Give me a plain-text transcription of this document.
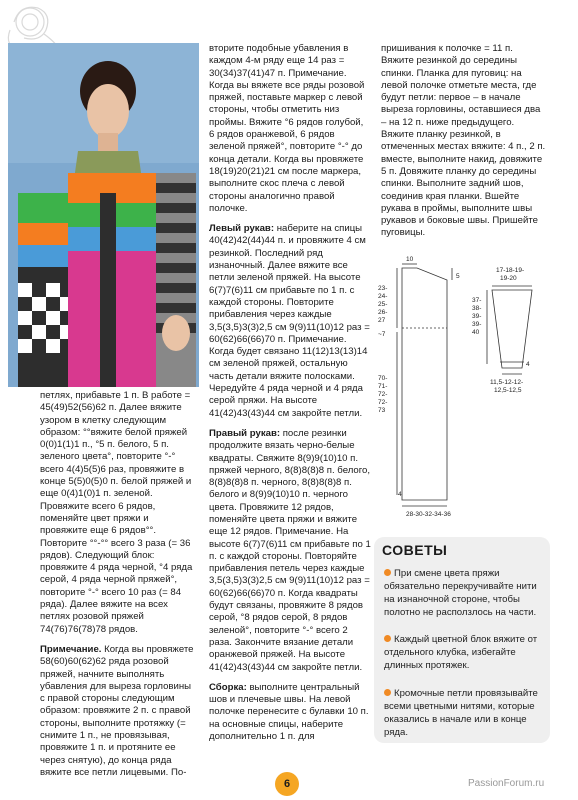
петлях, прибавьте 1 п. В работе = 45(49)52(56)62 п. Далее вяжите узором в клетку следующим образом: °°вяжите белой пряжей 0(0)1(1)1 п., °5 п. белого, 5 п. зеленого цвета°, повторите °-° всего 4(4)5(5)6 раз, провяжите в конце 5(5)0(5)0 п. белой пряжей и еще 0(4)1(0)1 п. зеленой. Провяжите всего 6 рядов, поменяйте цвет пряжи и провяжите еще 6 рядов°°. Повторите °°-°° всего 3 раза (= 36 рядов). Следующий блок: провяжите 4 ряда черной, °4 ряда серой, 4 ряда черной пряжей°, повторите °-° всего 10 раз (= 84 ряда). Далее вяжите на всех петлях розовой пряжей 74(76)76(78)78 рядов.

Примечание. Когда вы провяжете 58(60)60(62)62 ряда розовой пряжей, начните выполнять убавления для выреза горловины с правой стороны следующим образом: провяжите 2 п. с правой стороны, выполните протяжку (= снимите 1 п., не провязывая, провяжите 1 п. и протяните ее через снятую), до конца ряда вяжите все петли лицевыми. По-

вторите подобные убавления в каждом 4-м ряду еще 14 раз = 30(34)37(41)47 п. Примечание. Когда вы вяжете все ряды розовой пряжей, поставьте маркер с левой стороны, чтобы отметить низ проймы. Вяжите °6 рядов голубой, 6 рядов оранжевой, 6 рядов зеленой пряжей°, повторите °-° до конца детали. Когда вы провяжете 18(19)20(21)21 см после маркера, выполните скос плеча с левой стороны аналогично правой полочке.

Левый рукав: наберите на спицы 40(42)42(44)44 п. и провяжите 4 см резинкой. Последний ряд изнаночный. Далее вяжите все петли зеленой пряжей. На высоте 6(7)7(6)11 см прибавьте по 1 п. с каждой стороны. Повторите прибавления через каждые 3,5(3,5)3(3)2,5 см 9(9)11(10)12 раз = 60(62)66(66)70 п. Примечание. Когда будет связано 11(12)13(13)14 см зеленой пряжей, остальную часть детали вяжите полосками. Чередуйте 4 ряда черной и 4 ряда серой пряжи. На высоте 41(42)43(43)44 см закройте петли.

Правый рукав: после резинки продолжите вязать черно-белые квадраты. Свяжите 8(9)9(10)10 п. пряжей черного, 8(8)8(8)8 п. белого, 8(8)8(8)8 п. черного, 8(8)8(8)8 п. белого и 8(9)9(10)10 п. черного цвета. Провяжите 12 рядов, поменяйте цвета пряжи и вяжите еще 12 рядов. Примечание. На высоте 6(7)7(6)11 см прибавьте по 1 п. с каждой стороны. Повторяйте прибавления петель через каждые 3,5(3,5)3(3)2,5 см 9(9)11(10)12 раз = 60(62)66(66)70 п. Когда квадраты будут связаны, провяжите 8 рядов серой, °8 рядов серой, 8 рядов зеленой°, повторите °-° всего 2 раза. Закончите вязание детали оранжевой пряжей. На высоте 41(42)43(43)44 см закройте петли.

Сборка: выполните центральный шов и плечевые швы. На левой полочке перенесите с булавки 10 п. на основные спицы, наберите дополнительно 1 п. для

пришивания к полочке = 11 п. Вяжите резинкой до середины спинки. Планка для пуговиц: на левой полочке отметьте места, где будут петли: первое – в начале выреза горловины, оставшиеся два – на 12 п. ниже предыдущего. Вяжите планку резинкой, в отмеченных местах вяжите: 4 п., 2 п. вместе, выполните накид, довяжите 5 п. Довяжите планку до середины спинки. Выполните задний шов, соединив края планки. Вшейте рукава в проймы, выполните швы рукавов и боковые швы. Пришейте пуговицы.

10
5
23-24-25-26-27
~7
70-71-72-72-73
4
28-30-32-34-36
17-18-19-19-20
37-38-39-39-40
4
11,5-12-12-12,5-12,5
СОВЕТЫ
При смене цвета пряжи обязательно перекручивайте нити на изнаночной стороне, чтобы полотно не расползлось на части.
Каждый цветной блок вяжите от отдельного клубка, избегайте длинных протяжек.
Кромочные петли провязывайте всеми цветными нитями, которые оказались в начале или в конце ряда.
6	PassionForum.ru
